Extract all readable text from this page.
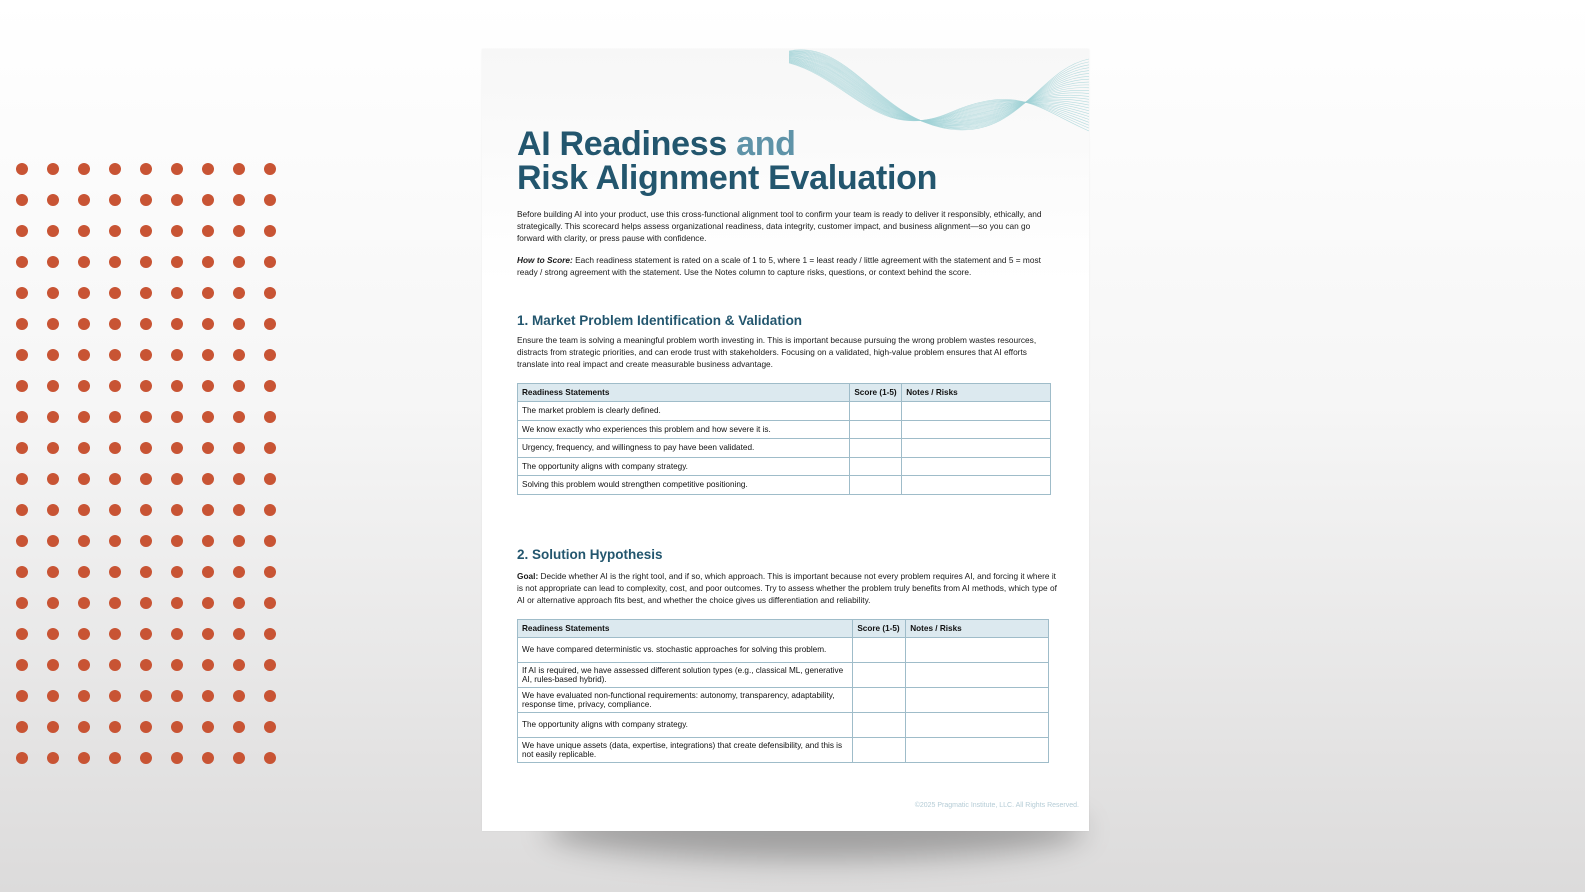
AI Readiness and
Risk Alignment Evaluation
Before building AI into your product, use this cross-functional alignment tool to confirm your team is ready to deliver it responsibly, ethically, and strategically. This scorecard helps assess organizational readiness, data integrity, customer impact, and business alignment—so you can go forward with clarity, or press pause with confidence.
How to Score: Each readiness statement is rated on a scale of 1 to 5, where 1 = least ready / little agreement with the statement and 5 = most ready / strong agreement with the statement. Use the Notes column to capture risks, questions, or context behind the score.
1. Market Problem Identification & Validation
Ensure the team is solving a meaningful problem worth investing in. This is important because pursuing the wrong problem wastes resources, distracts from strategic priorities, and can erode trust with stakeholders. Focusing on a validated, high-value problem ensures that AI efforts translate into real impact and create measurable business advantage.
Readiness Statements	Score (1-5)	Notes / Risks
The market problem is clearly defined.		
We know exactly who experiences this problem and how severe it is.		
Urgency, frequency, and willingness to pay have been validated.		
The opportunity aligns with company strategy.		
Solving this problem would strengthen competitive positioning.		
2. Solution Hypothesis
Goal: Decide whether AI is the right tool, and if so, which approach. This is important because not every problem requires AI, and forcing it where it is not appropriate can lead to complexity, cost, and poor outcomes. Try to assess whether the problem truly benefits from AI methods, which type of AI or alternative approach fits best, and whether the choice gives us differentiation and reliability.
Readiness Statements	Score (1-5)	Notes / Risks
We have compared deterministic vs. stochastic approaches for solving this problem.		
If AI is required, we have assessed different solution types (e.g., classical ML, generative AI, rules-based hybrid).		
We have evaluated non-functional requirements: autonomy, transparency, adaptability, response time, privacy, compliance.		
The opportunity aligns with company strategy.		
We have unique assets (data, expertise, integrations) that create defensibility, and this is not easily replicable.		
©2025 Pragmatic Institute, LLC. All Rights Reserved.
